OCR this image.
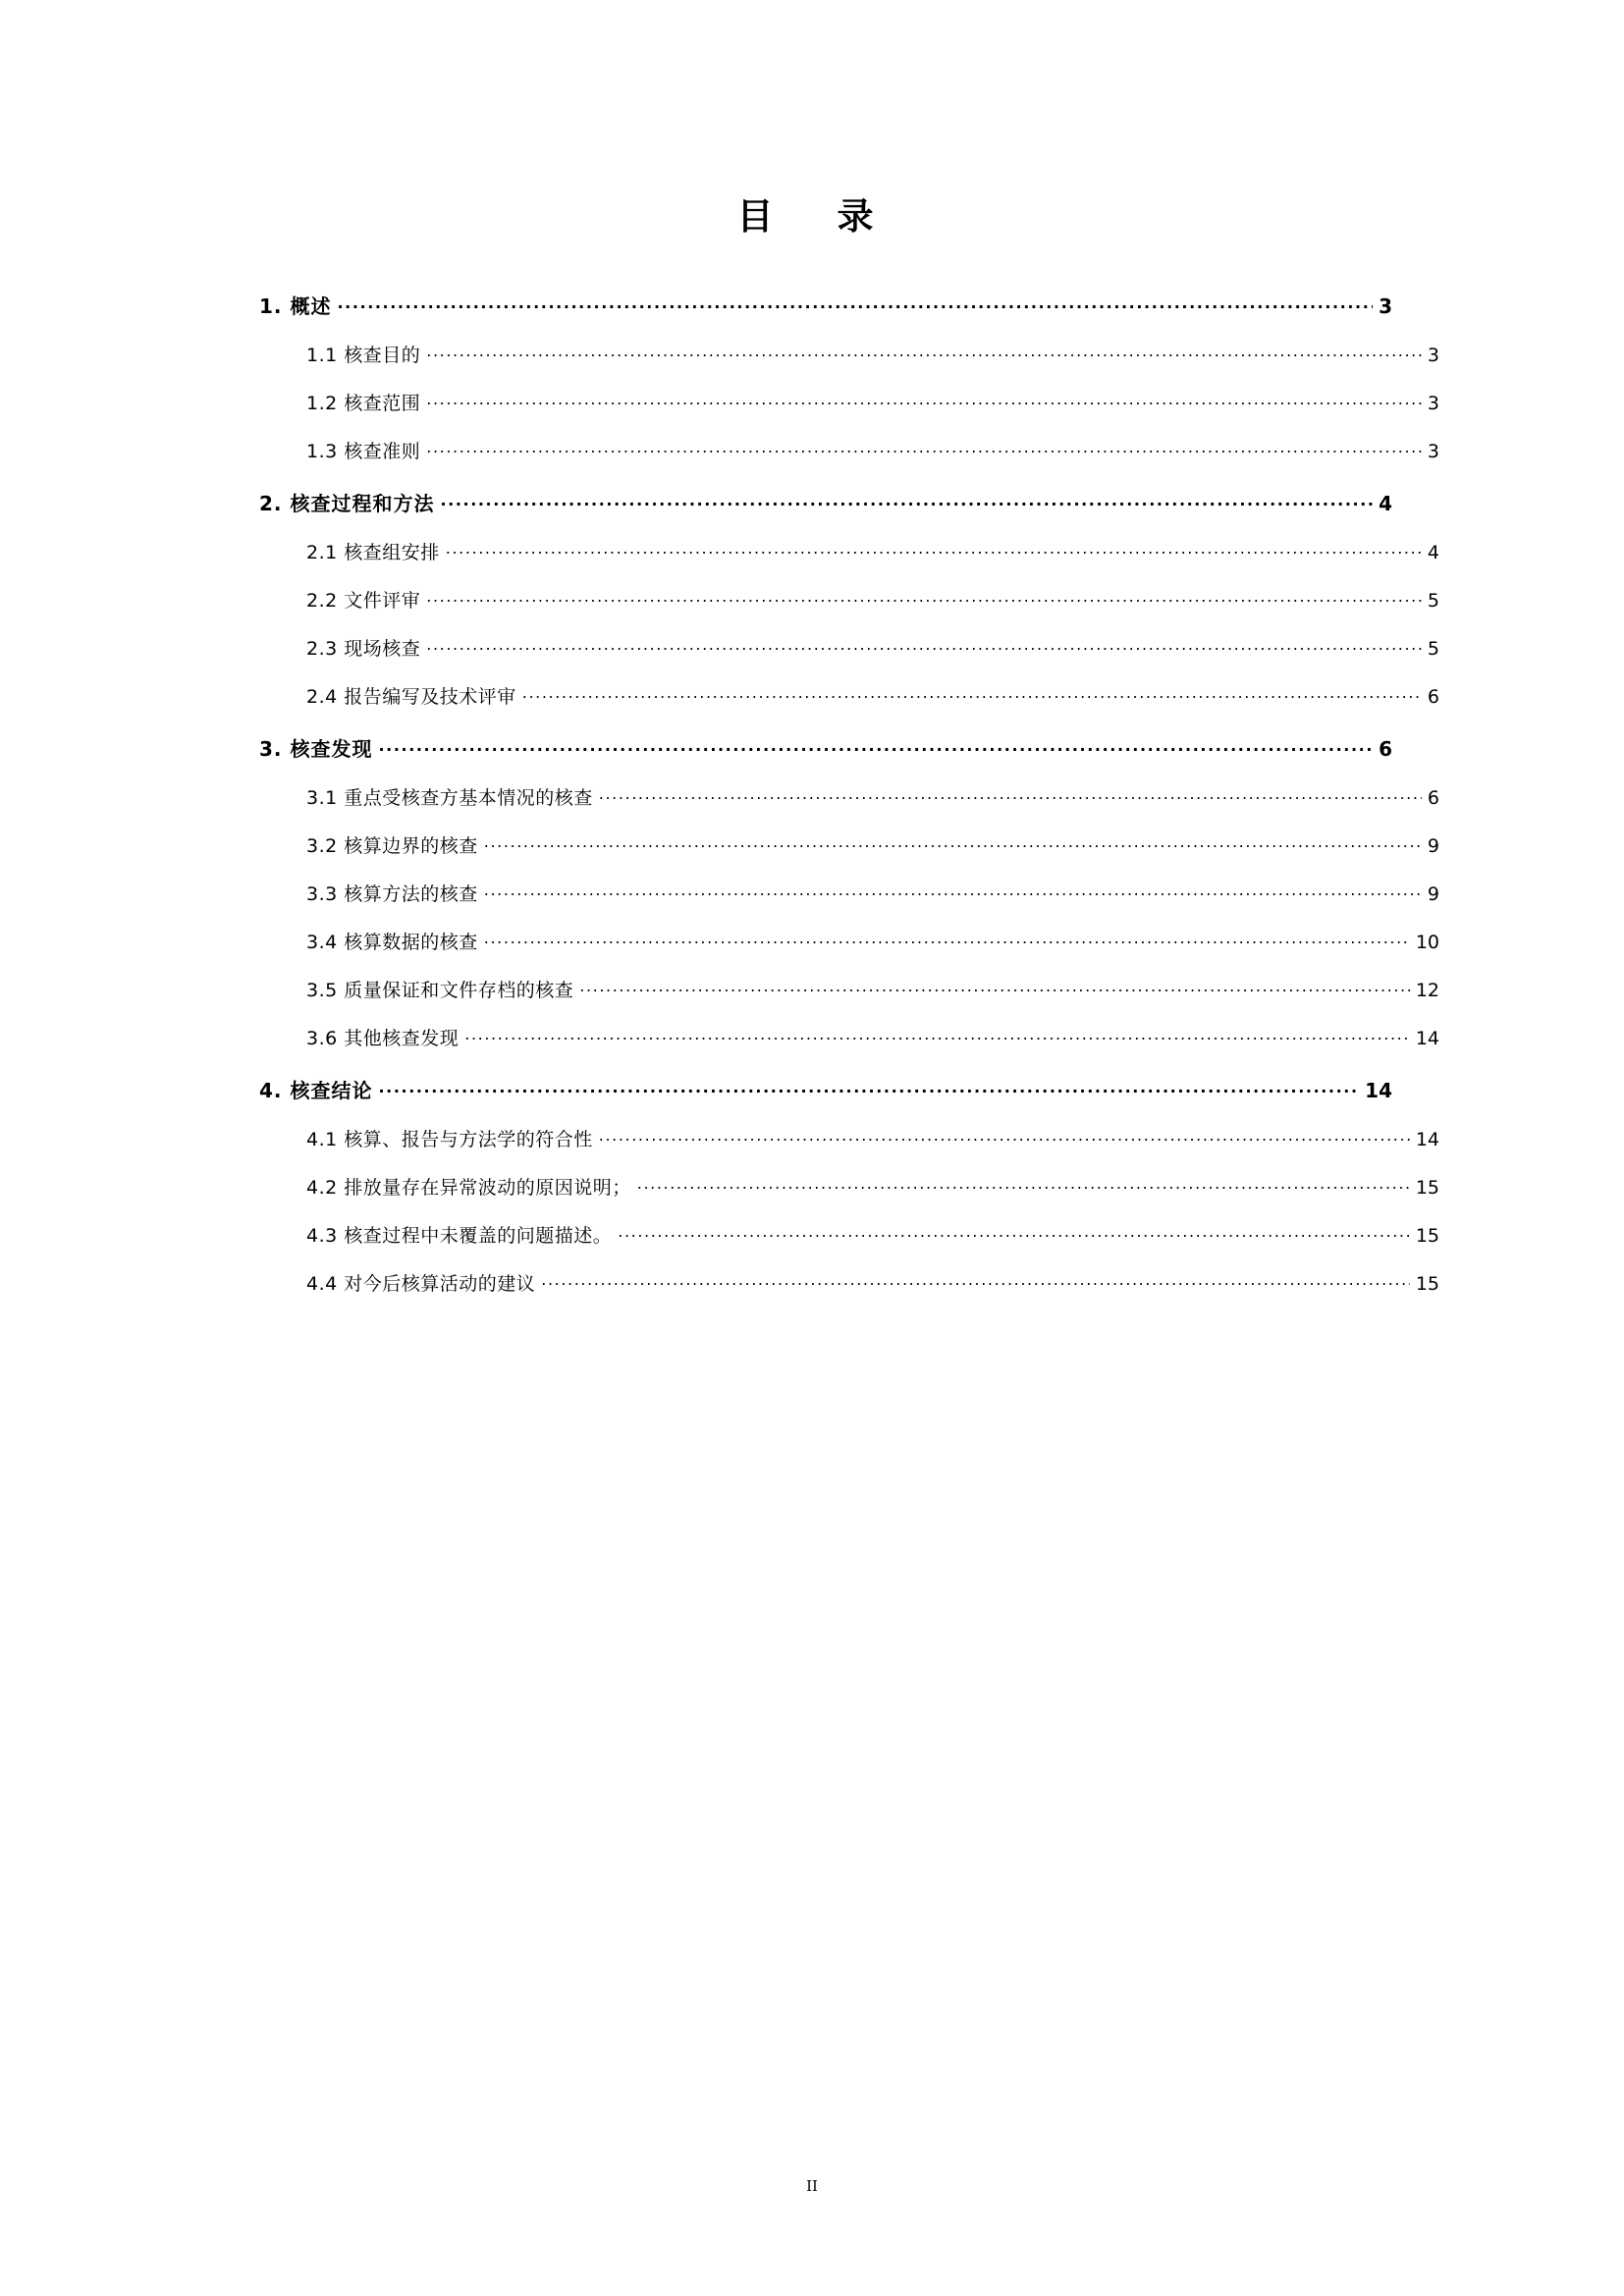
目　录
1. 概述 .....	3
1.1 核查目的 .....	3
1.2 核查范围 .....	3
1.3 核查准则 .....	3
2. 核查过程和方法 .....	4
2.1 核查组安排 .....	4
2.2 文件评审 .....	5
2.3 现场核查 .....	5
2.4 报告编写及技术评审 .....	6
3. 核查发现 .....	6
3.1 重点受核查方基本情况的核查 .....	6
3.2 核算边界的核查 .....	9
3.3 核算方法的核查 .....	9
3.4 核算数据的核查 .....	10
3.5 质量保证和文件存档的核查 .....	12
3.6 其他核查发现 .....	14
4. 核查结论 .....	14
4.1 核算、报告与方法学的符合性 .....	14
4.2 排放量存在异常波动的原因说明； .....	15
4.3 核查过程中未覆盖的问题描述。 .....	15
4.4 对今后核算活动的建议 .....	15
II
